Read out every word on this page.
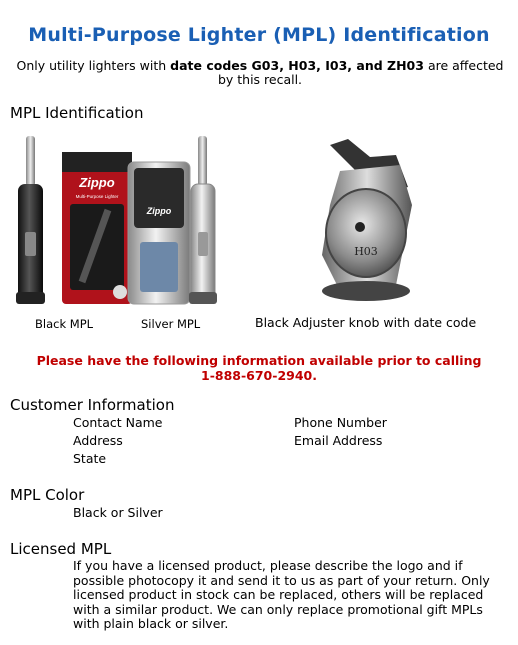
Multi-Purpose Lighter (MPL) Identification
Only utility lighters with date codes G03, H03, I03, and ZH03 are affected by this recall.
MPL Identification
Zippo
Multi-Purpose Lighter
Zippo
H03
Black MPL	Silver MPL	Black Adjuster knob with date code
Please have the following information available prior to calling
1-888-670-2940.
Customer Information
Contact Name
Address
State
Phone Number
Email Address
MPL Color
Black or Silver
Licensed MPL
If you have a licensed product, please describe the logo and if possible photocopy it and send it to us as part of your return. Only licensed product in stock can be replaced, others will be replaced with a similar product. We can only replace promotional gift MPLs with plain black or silver.
